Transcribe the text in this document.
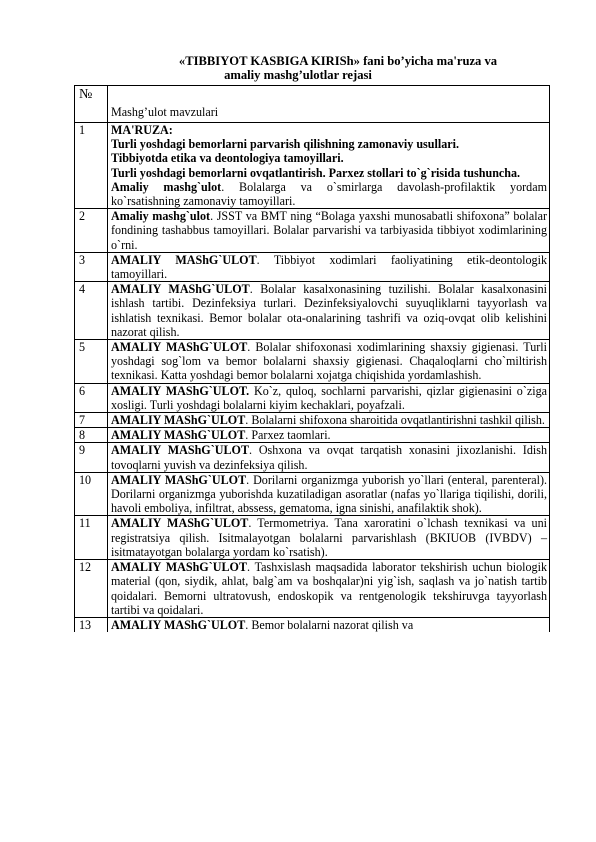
«TIBBIYOT KASBIGA KIRISh» fani bo’yicha ma'ruza va
amaliy mashg’ulotlar rejasi
№	Mashg’ulot mavzulari
1	MA'RUZA:
Turli yoshdagi bemorlarni parvarish qilishning zamonaviy usullari.
Tibbiyotda etika va deontologiya tamoyillari.
Turli yoshdagi bemorlarni ovqatlantirish. Parxez stollari to`g`risida tushuncha.
Amaliy mashg`ulot. Bolalarga va o`smirlarga davolash-profilaktik yordam ko`rsatishning zamonaviy tamoyillari.

2	Amaliy mashg`ulot. JSST va BMT ning “Bolaga yaxshi munosabatli shifoxona” bolalar fondining tashabbus tamoyillari. Bolalar parvarishi va tarbiyasida tibbiyot xodimlarining o`rni.

3	AMALIY MAShG`ULOT. Tibbiyot xodimlari faoliyatining etik-deontologik tamoyillari.

4	AMALIY MAShG`ULOT. Bolalar kasalxonasining tuzilishi. Bolalar kasalxonasini ishlash tartibi. Dezinfeksiya turlari. Dezinfeksiyalovchi suyuqliklarni tayyorlash va ishlatish texnikasi. Bemor bolalar ota-onalarining tashrifi va oziq-ovqat olib kelishini nazorat qilish.

5	AMALIY MAShG`ULOT. Bolalar shifoxonasi xodimlarining shaxsiy gigienasi. Turli yoshdagi sog`lom va bemor bolalarni shaxsiy gigienasi. Chaqaloqlarni cho`miltirish texnikasi. Katta yoshdagi bemor bolalarni xojatga chiqishida yordamlashish.

6	AMALIY MAShG`ULOT. Ko`z, quloq, sochlarni parvarishi, qizlar gigienasini o`ziga xosligi. Turli yoshdagi bolalarni kiyim kechaklari, poyafzali.

7	AMALIY MAShG`ULOT. Bolalarni shifoxona sharoitida ovqatlantirishni tashkil qilish.

8	AMALIY MAShG`ULOT. Parxez taomlari.

9	AMALIY MAShG`ULOT. Oshxona va ovqat tarqatish xonasini jixozlanishi. Idish tovoqlarni yuvish va dezinfeksiya qilish.

10	AMALIY MAShG`ULOT. Dorilarni organizmga yuborish yo`llari (enteral, parenteral). Dorilarni organizmga yuborishda kuzatiladigan asoratlar (nafas yo`llariga tiqilishi, dorili, havoli emboliya, infiltrat, abssess, gematoma, igna sinishi, anafilaktik shok).

11	AMALIY MAShG`ULOT. Termometriya. Tana xaroratini o`lchash texnikasi va uni registratsiya qilish. Isitmalayotgan bolalarni parvarishlash (BKIUOB (IVBDV) – isitmatayotgan bolalarga yordam ko`rsatish).

12	AMALIY MAShG`ULOT. Tashxislash maqsadida laborator tekshirish uchun biologik material (qon, siydik, ahlat, balg`am va boshqalar)ni yig`ish, saqlash va jo`natish tartib qoidalari. Bemorni ultratovush, endoskopik va rentgenologik tekshiruvga tayyorlash tartibi va qoidalari.

13	AMALIY MAShG`ULOT. Bemor bolalarni nazorat qilish va
